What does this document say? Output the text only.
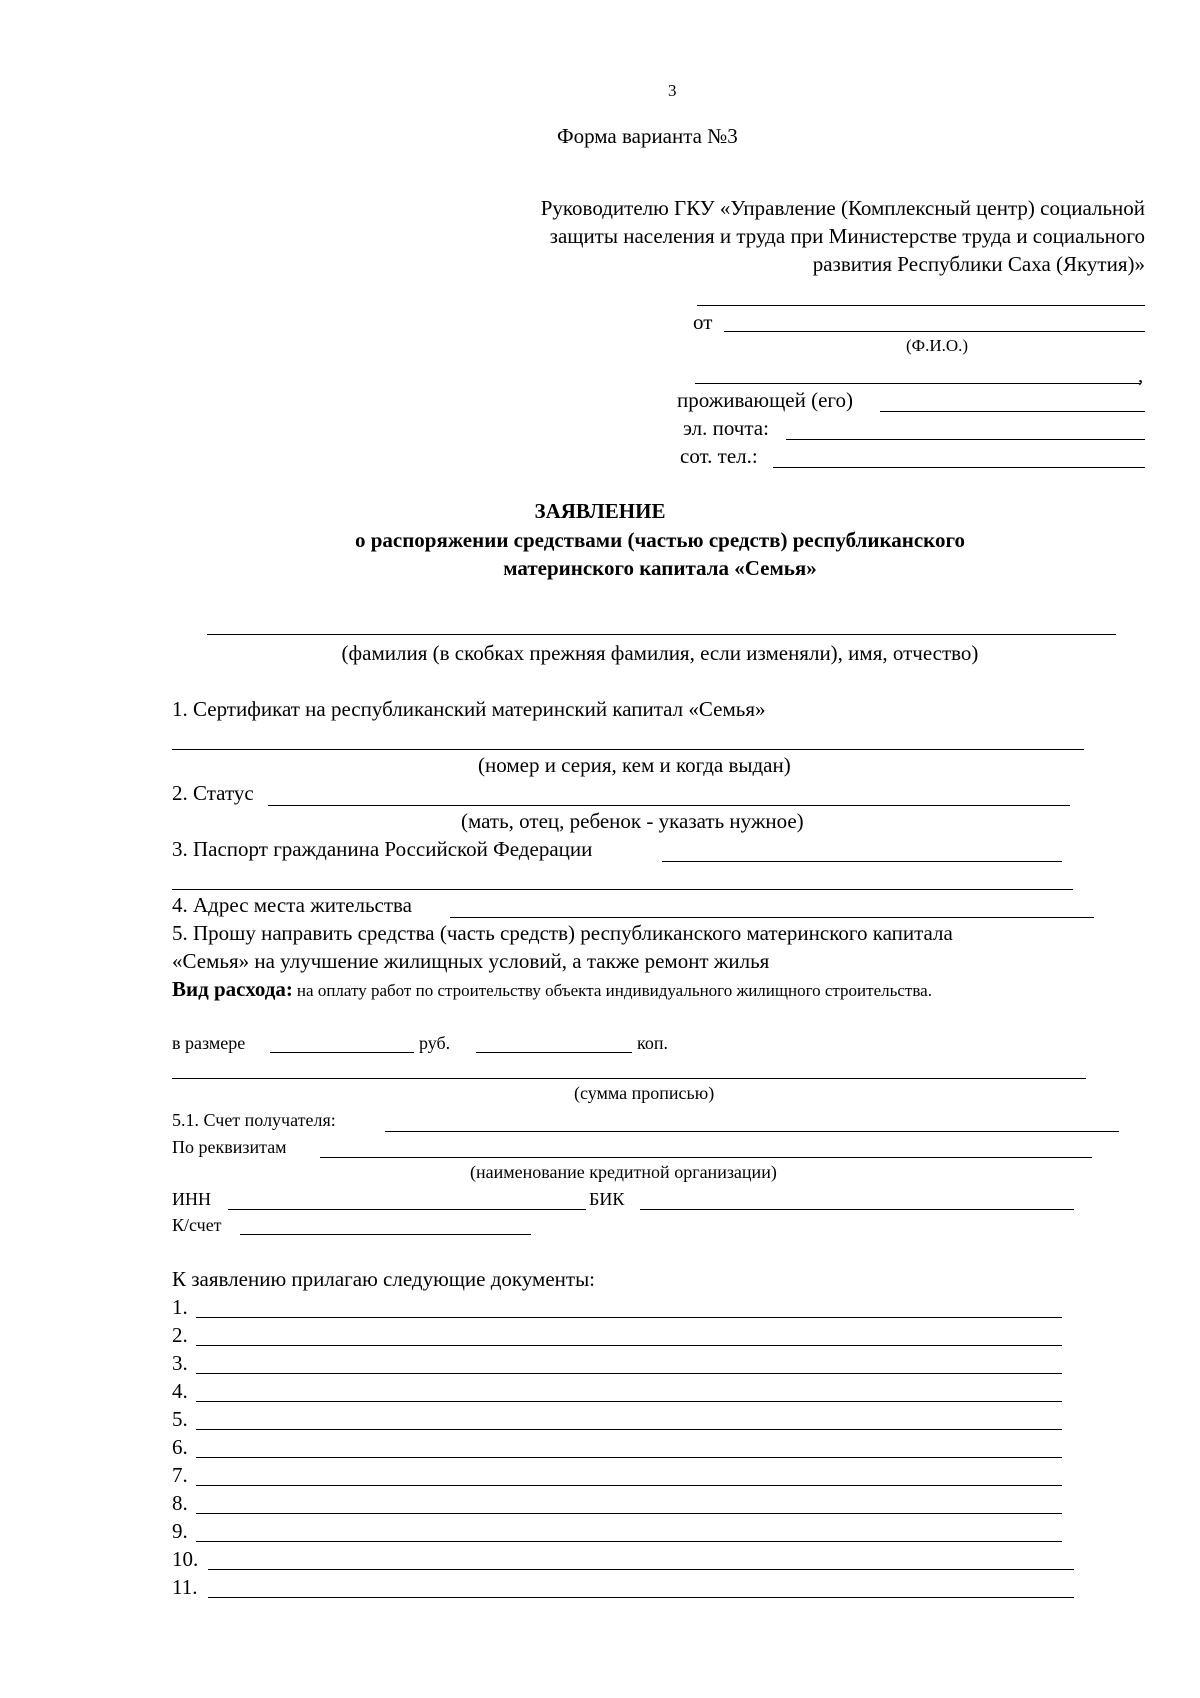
3
Форма варианта №3
Руководителю ГКУ «Управление (Комплексный центр) социальной
защиты населения и труда при Министерстве труда и социального
развития Республики Саха (Якутия)»
от
(Ф.И.О.)
,
проживающей (его)
эл. почта:
сот. тел.:
ЗАЯВЛЕНИЕ
о распоряжении средствами (частью средств) республиканского
материнского капитала «Семья»
(фамилия (в скобках прежняя фамилия, если изменяли), имя, отчество)
1. Сертификат на республиканский материнский капитал «Семья»
(номер и серия, кем и когда выдан)
2. Статус
(мать, отец, ребенок - указать нужное)
3. Паспорт гражданина Российской Федерации
4. Адрес места жительства
5. Прошу направить средства (часть средств) республиканского материнского капитала
«Семья» на улучшение жилищных условий, а также ремонт жилья
Вид расхода: на оплату работ по строительству объекта индивидуального жилищного строительства.
в размере	руб.	коп.
(сумма прописью)
5.1. Счет получателя:
По реквизитам
(наименование кредитной организации)
ИНН	БИК
К/счет
К заявлению прилагаю следующие документы:
1.
2.
3.
4.
5.
6.
7.
8.
9.
10.
11.
